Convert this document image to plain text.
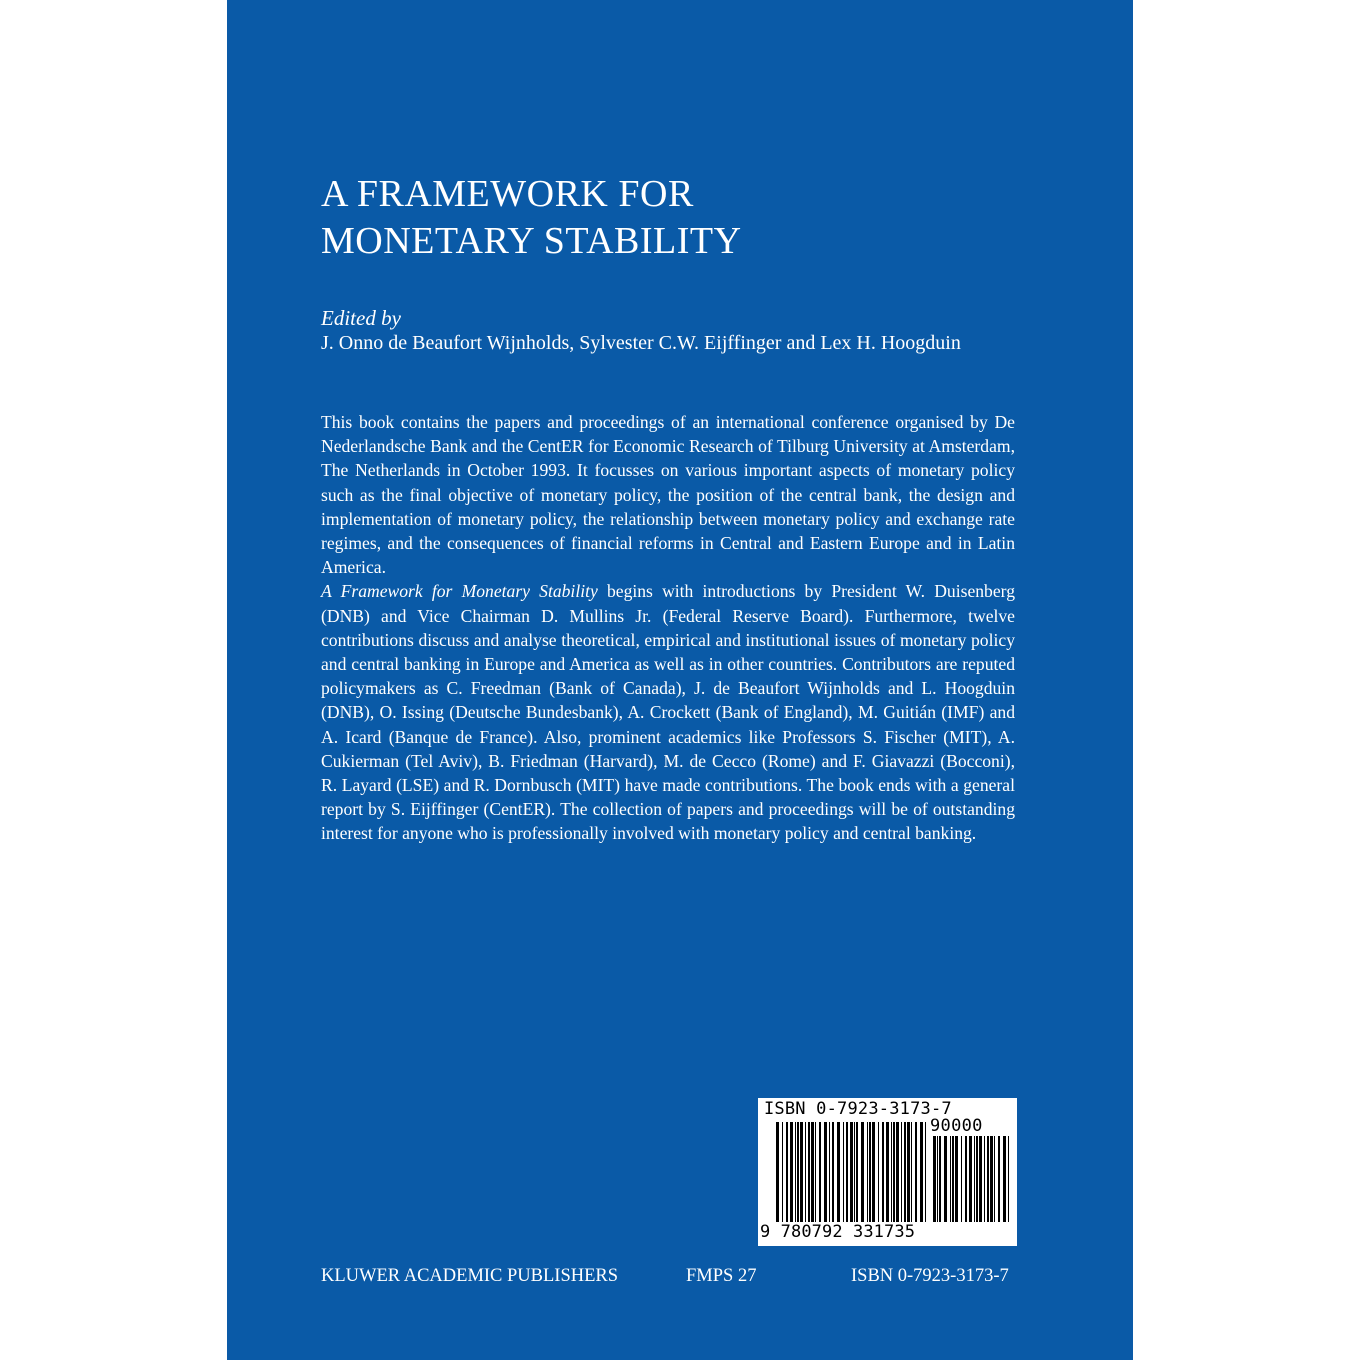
A FRAMEWORK FOR
MONETARY STABILITY
Edited by
J. Onno de Beaufort Wijnholds, Sylvester C.W. Eijffinger and Lex H. Hoogduin

This book contains the papers and proceedings of an international conference organised by De Nederlandsche Bank and the CentER for Economic Research of Tilburg University at Amsterdam, The Netherlands in October 1993. It focusses on various important aspects of monetary policy such as the final objective of monetary policy, the position of the central bank, the design and implementation of monetary policy, the relationship between monetary policy and exchange rate regimes, and the consequences of financial reforms in Central and Eastern Europe and in Latin America.

A Framework for Monetary Stability begins with introductions by President W. Duisenberg (DNB) and Vice Chairman D. Mullins Jr. (Federal Reserve Board). Furthermore, twelve contributions discuss and analyse theoretical, empirical and institutional issues of monetary policy and central banking in Europe and America as well as in other countries. Contributors are reputed policymakers as C. Freedman (Bank of Canada), J. de Beaufort Wijnholds and L. Hoogduin (DNB), O. Issing (Deutsche Bundesbank), A. Crockett (Bank of England), M. Guitián (IMF) and A. Icard (Banque de France). Also, prominent academics like Professors S. Fischer (MIT), A. Cukierman (Tel Aviv), B. Friedman (Harvard), M. de Cecco (Rome) and F. Giavazzi (Bocconi), R. Layard (LSE) and R. Dornbusch (MIT) have made contributions. The book ends with a general report by S. Eijffinger (CentER). The collection of papers and proceedings will be of outstanding interest for anyone who is professionally involved with monetary policy and central banking.

ISBN 0-7923-3173-7
90000
9 780792 331735
KLUWER ACADEMIC PUBLISHERS	FMPS 27	ISBN 0-7923-3173-7
